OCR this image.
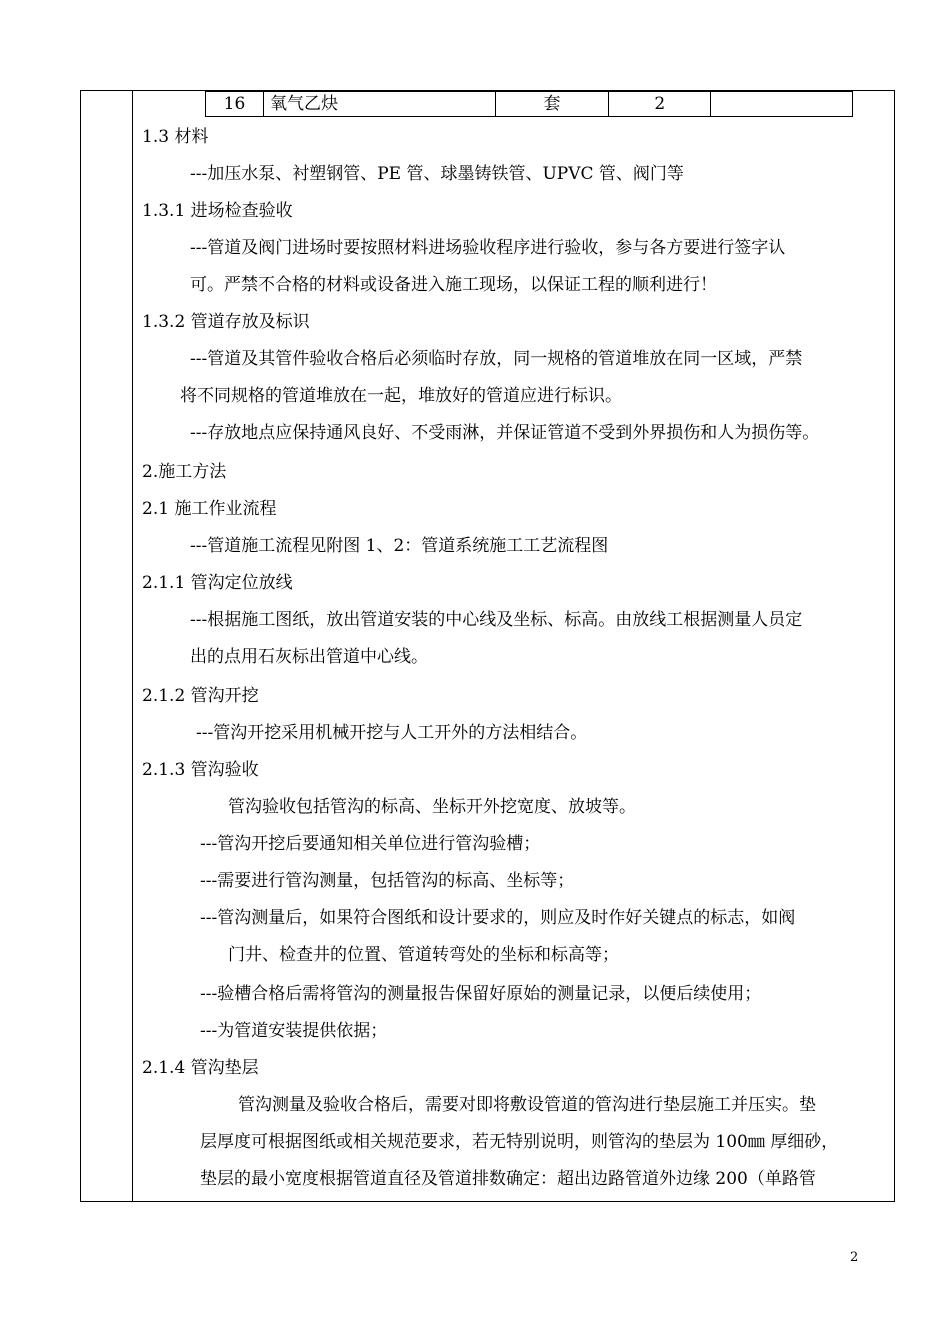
16	氧气乙炔	套	2	
1.3 材料
---加压水泵、衬塑钢管、PE 管、球墨铸铁管、UPVC 管、阀门等
1.3.1 进场检查验收
---管道及阀门进场时要按照材料进场验收程序进行验收，参与各方要进行签字认
可。严禁不合格的材料或设备进入施工现场，以保证工程的顺利进行！
1.3.2 管道存放及标识
---管道及其管件验收合格后必须临时存放，同一规格的管道堆放在同一区域，严禁
将不同规格的管道堆放在一起，堆放好的管道应进行标识。
---存放地点应保持通风良好、不受雨淋，并保证管道不受到外界损伤和人为损伤等。
2.施工方法
2.1 施工作业流程
---管道施工流程见附图 1、2：管道系统施工工艺流程图
2.1.1 管沟定位放线
---根据施工图纸，放出管道安装的中心线及坐标、标高。由放线工根据测量人员定
出的点用石灰标出管道中心线。
2.1.2 管沟开挖
---管沟开挖采用机械开挖与人工开外的方法相结合。
2.1.3 管沟验收
管沟验收包括管沟的标高、坐标开外挖宽度、放坡等。
---管沟开挖后要通知相关单位进行管沟验槽；
---需要进行管沟测量，包括管沟的标高、坐标等；
---管沟测量后，如果符合图纸和设计要求的，则应及时作好关键点的标志，如阀
门井、检查井的位置、管道转弯处的坐标和标高等；
---验槽合格后需将管沟的测量报告保留好原始的测量记录，以便后续使用；
---为管道安装提供依据；
2.1.4 管沟垫层
管沟测量及验收合格后，需要对即将敷设管道的管沟进行垫层施工并压实。垫
层厚度可根据图纸或相关规范要求，若无特别说明，则管沟的垫层为 100㎜ 厚细砂，
垫层的最小宽度根据管道直径及管道排数确定：超出边路管道外边缘 200（单路管
2
